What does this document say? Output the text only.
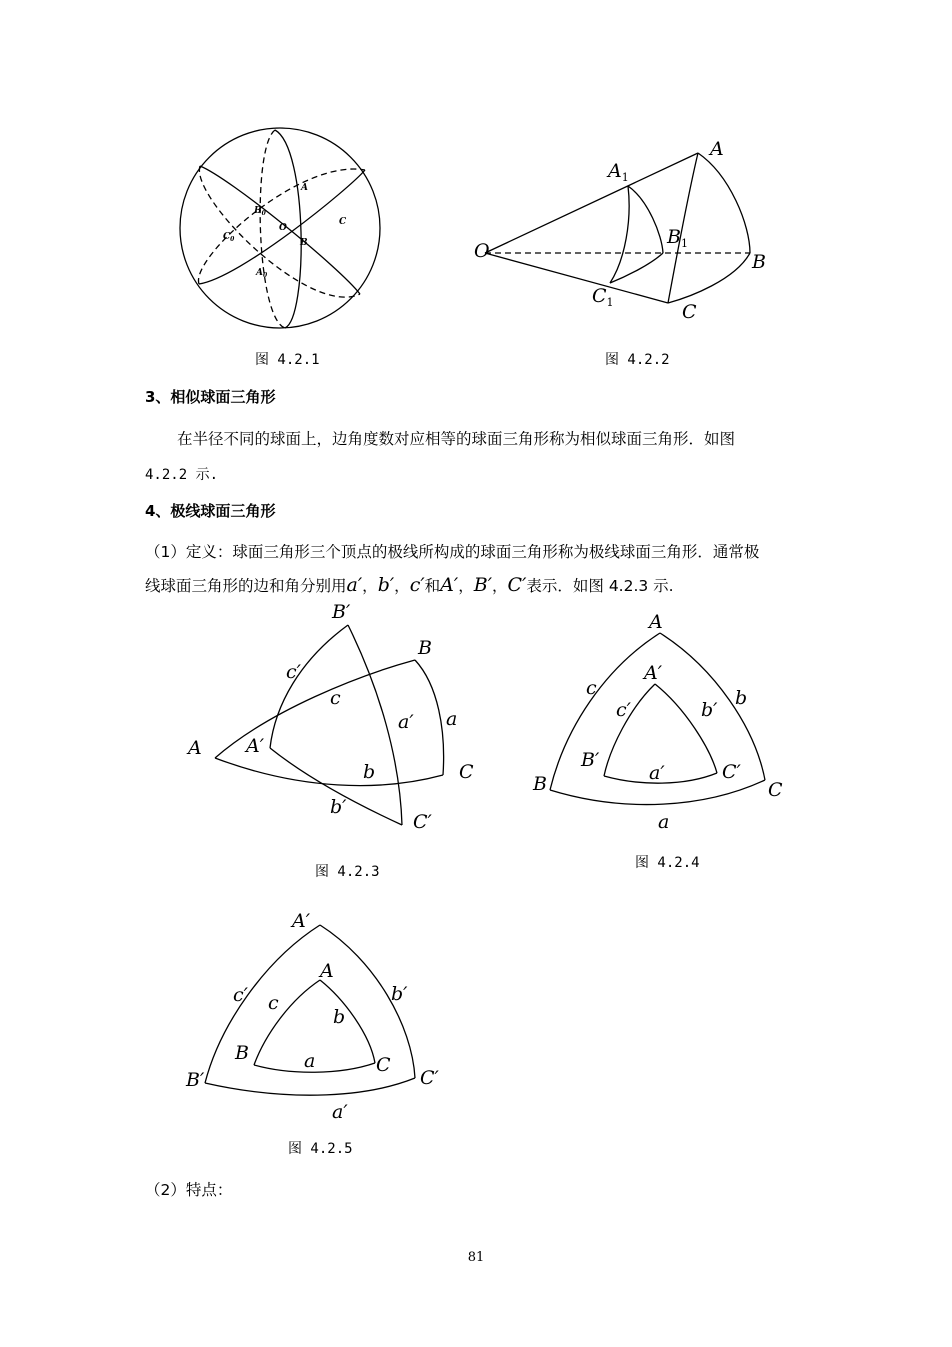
A
C
O
B
$B_0$
$C_0$
$A_0$
图 4.2.1
O
A
B
C
$A_1$
$B_1$
$C_1$
图 4.2.2
3、相似球面三角形
在半径不同的球面上，边角度数对应相等的球面三角形称为相似球面三角形．如图
4.2.2 示.
4、极线球面三角形
（1）定义：球面三角形三个顶点的极线所构成的球面三角形称为极线球面三角形．通常极
线球面三角形的边和角分别用a′，b′，c′和A′，B′，C′表示．如图 4.2.3 示.
B′
B
c′
c
a′ a
A A′
b	C
b′
C′
图 4.2.3
A
A′
c	b
c′	b′
B′
a′	C′
B	C
a
图 4.2.4
A′
A
c′ c	b′
b
B	a	C
B′	C′
a′
图 4.2.5
（2）特点：
81
